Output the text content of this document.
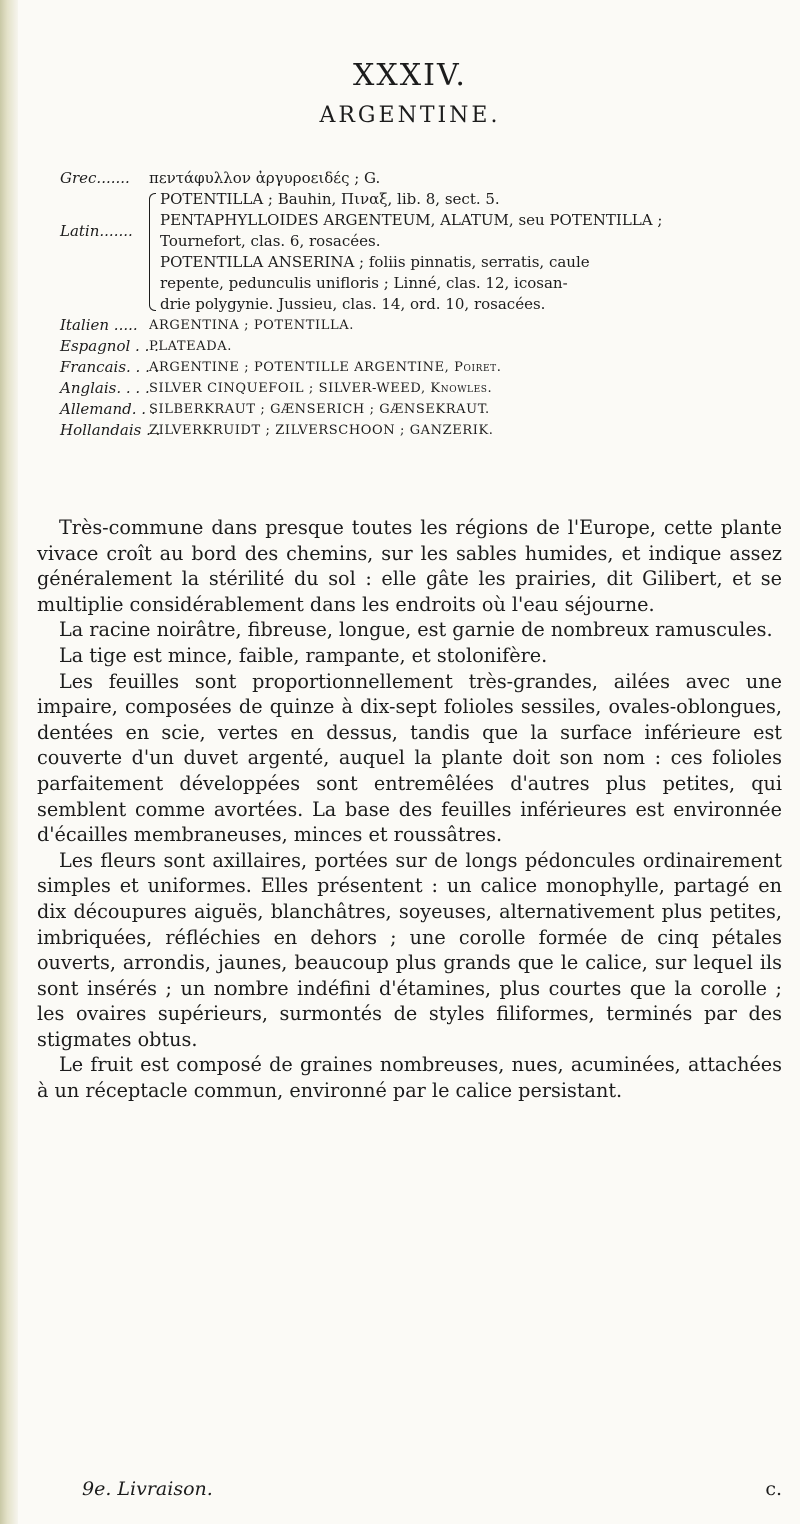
XXXIV.
ARGENTINE.
Grec.......	πεντάφυλλον ἀργυροειδές ; G.
Latin.......
POTENTILLA ; Bauhin, Πιναξ, lib. 8, sect. 5.
PENTAPHYLLOIDES ARGENTEUM, ALATUM, seu POTENTILLA ;
Tournefort, clas. 6, rosacées.
POTENTILLA ANSERINA ; foliis pinnatis, serratis, caule
repente, pedunculis unifloris ; Linné, clas. 12, icosan-
drie polygynie. Jussieu, clas. 14, ord. 10, rosacées.
Italien ..... ARGENTINA ; POTENTILLA.
Espagnol . . .
PLATEADA.
Francais. . . .
ARGENTINE ; POTENTILLE ARGENTINE, Poiret.
Anglais. . . . SILVER CINQUEFOIL ; SILVER-WEED, Knowles.
Allemand. . .
SILBERKRAUT ; GÆNSERICH ; GÆNSEKRAUT.
Hollandais . .
ZILVERKRUIDT ; ZILVERSCHOON ; GANZERIK.

Très-commune dans presque toutes les régions de l'Europe, cette plante vivace croît au bord des chemins, sur les sables humides, et indique assez généralement la stérilité du sol : elle gâte les prairies, dit Gilibert, et se multiplie considérablement dans les endroits où l'eau séjourne.

La racine noirâtre, fibreuse, longue, est garnie de nombreux ramuscules.

La tige est mince, faible, rampante, et stolonifère.

Les feuilles sont proportionnellement très-grandes, ailées avec une impaire, composées de quinze à dix-sept folioles sessiles, ovales-oblongues, dentées en scie, vertes en dessus, tandis que la surface inférieure est couverte d'un duvet argenté, auquel la plante doit son nom : ces folioles parfaitement développées sont entremêlées d'autres plus petites, qui semblent comme avortées. La base des feuilles inférieures est environnée d'écailles membraneuses, minces et roussâtres.

Les fleurs sont axillaires, portées sur de longs pédoncules ordinairement simples et uniformes. Elles présentent : un calice monophylle, partagé en dix découpures aiguës, blanchâtres, soyeuses, alternativement plus petites, imbriquées, réfléchies en dehors ; une corolle formée de cinq pétales ouverts, arrondis, jaunes, beaucoup plus grands que le calice, sur lequel ils sont insérés ; un nombre indéfini d'étamines, plus courtes que la corolle ; les ovaires supérieurs, surmontés de styles filiformes, terminés par des stigmates obtus.

Le fruit est composé de graines nombreuses, nues, acuminées, attachées à un réceptacle commun, environné par le calice persistant.

9e. Livraison.	c.
